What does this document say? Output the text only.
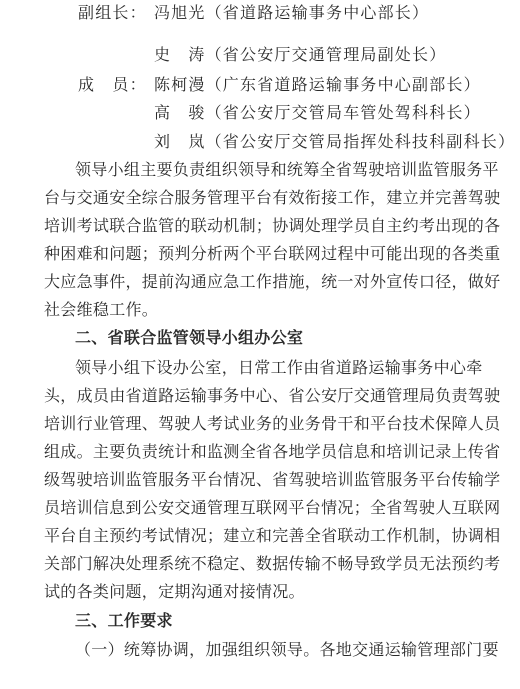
副组长： 冯旭光（省道路运输事务中心部长）
史　涛（省公安厅交通管理局副处长）
成　员： 陈柯漫（广东省道路运输事务中心副部长）
高　骏（省公安厅交管局车管处驾科科长）
刘　岚（省公安厅交管局指挥处科技科副科长）
领导小组主要负责组织领导和统筹全省驾驶培训监管服务平
台与交通安全综合服务管理平台有效衔接工作，建立并完善驾驶
培训考试联合监管的联动机制；协调处理学员自主约考出现的各
种困难和问题；预判分析两个平台联网过程中可能出现的各类重
大应急事件，提前沟通应急工作措施，统一对外宣传口径，做好
社会维稳工作。
二、省联合监管领导小组办公室
领导小组下设办公室，日常工作由省道路运输事务中心牵
头，成员由省道路运输事务中心、省公安厅交通管理局负责驾驶
培训行业管理、驾驶人考试业务的业务骨干和平台技术保障人员
组成。主要负责统计和监测全省各地学员信息和培训记录上传省
级驾驶培训监管服务平台情况、省驾驶培训监管服务平台传输学
员培训信息到公安交通管理互联网平台情况；全省驾驶人互联网
平台自主预约考试情况；建立和完善全省联动工作机制，协调相
关部门解决处理系统不稳定、数据传输不畅导致学员无法预约考
试的各类问题，定期沟通对接情况。
三、工作要求
（一）统筹协调，加强组织领导。各地交通运输管理部门要
